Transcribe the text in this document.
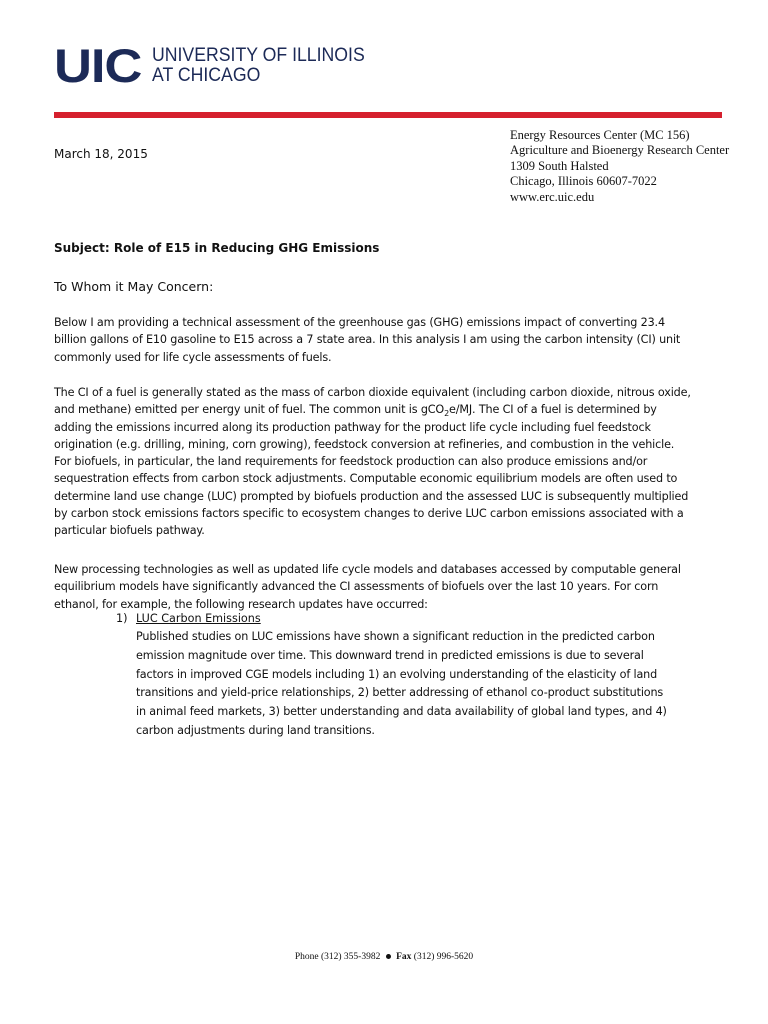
UIC UNIVERSITY OF ILLINOIS
AT CHICAGO
Energy Resources Center (MC 156)
Agriculture and Bioenergy Research Center
1309 South Halsted
Chicago, Illinois 60607-7022
www.erc.uic.edu
March 18, 2015
Subject: Role of E15 in Reducing GHG Emissions
To Whom it May Concern:
Below I am providing a technical assessment of the greenhouse gas (GHG) emissions impact of converting 23.4 billion gallons of E10 gasoline to E15 across a 7 state area. In this analysis I am using the carbon intensity (CI) unit commonly used for life cycle assessments of fuels.
The CI of a fuel is generally stated as the mass of carbon dioxide equivalent (including carbon dioxide, nitrous oxide, and methane) emitted per energy unit of fuel. The common unit is gCO$_2$e/MJ. The CI of a fuel is determined by adding the emissions incurred along its production pathway for the product life cycle including fuel feedstock origination (e.g. drilling, mining, corn growing), feedstock conversion at refineries, and combustion in the vehicle. For biofuels, in particular, the land requirements for feedstock production can also produce emissions and/or sequestration effects from carbon stock adjustments. Computable economic equilibrium models are often used to determine land use change (LUC) prompted by biofuels production and the assessed LUC is subsequently multiplied by carbon stock emissions factors specific to ecosystem changes to derive LUC carbon emissions associated with a particular biofuels pathway.
New processing technologies as well as updated life cycle models and databases accessed by computable general equilibrium models have significantly advanced the CI assessments of biofuels over the last 10 years. For corn ethanol, for example, the following research updates have occurred:
1) LUC Carbon Emissions
Published studies on LUC emissions have shown a significant reduction in the predicted carbon emission magnitude over time. This downward trend in predicted emissions is due to several factors in improved CGE models including 1) an evolving understanding of the elasticity of land transitions and yield-price relationships, 2) better addressing of ethanol co-product substitutions in animal feed markets, 3) better understanding and data availability of global land types, and 4) carbon adjustments during land transitions.
Phone (312) 355-3982 Fax (312) 996-5620
